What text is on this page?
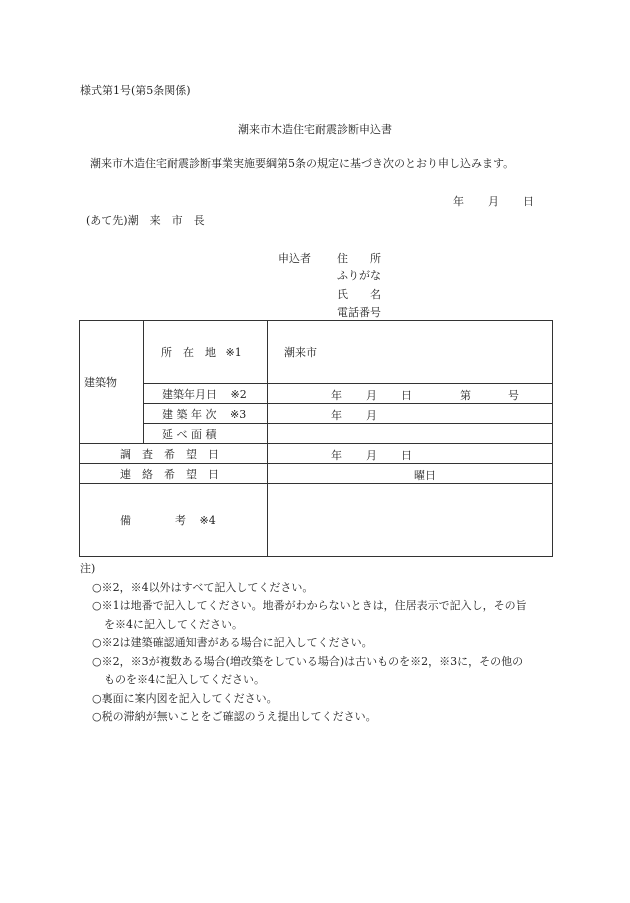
様式第1号(第5条関係)
潮来市木造住宅耐震診断申込書
潮来市木造住宅耐震診断事業実施要綱第5条の規定に基づき次のとおり申し込みます。
年 月 日
(あて先)潮　来　市　長
申込者 住　　所
ふりがな
氏　　名
電話番号
建築物	所　在　地 ※1	潮来市
	建築年月日 ※2	年 月 日 第 号

	建 築 年 次 ※3	年 月

	延 べ 面 積	
調　査　希　望　日		年 月 日

連　絡　希　望　日		曜日

備　　　　考 ※4		
注)
○※2，※4以外はすべて記入してください。
○※1は地番で記入してください。地番がわからないときは，住居表示で記入し，その旨
を※4に記入してください。
○※2は建築確認通知書がある場合に記入してください。
○※2，※3が複数ある場合(増改築をしている場合)は古いものを※2，※3に，その他の
ものを※4に記入してください。
○裏面に案内図を記入してください。
○税の滞納が無いことをご確認のうえ提出してください。
